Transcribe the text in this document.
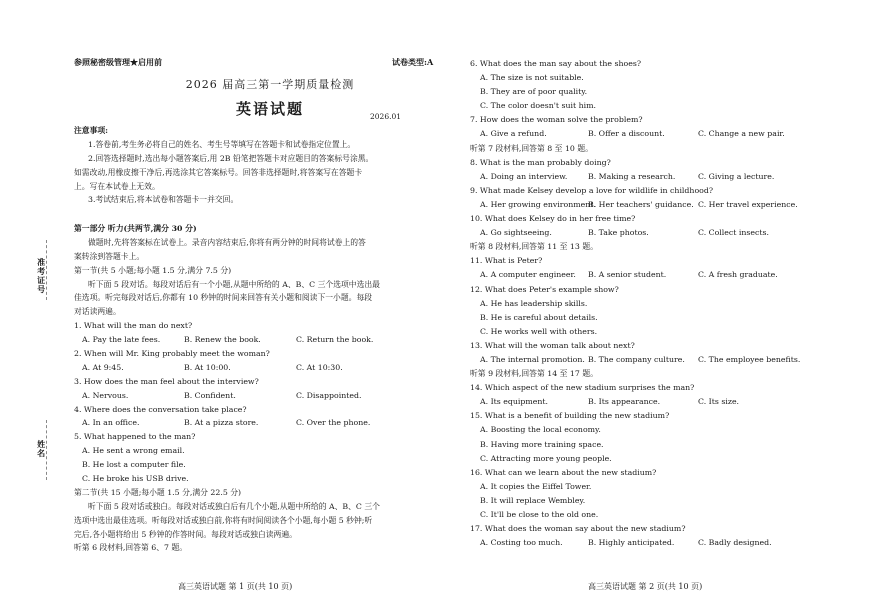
参照秘密级管理★启用前	试卷类型:A
2026 届高三第一学期质量检测
英语试题	2026.01
准考证号
姓名
注意事项:
1.答卷前,考生务必将自己的姓名、考生号等填写在答题卡和试卷指定位置上。
2.回答选择题时,选出每小题答案后,用 2B 铅笔把答题卡对应题目的答案标号涂黑。
如需改动,用橡皮擦干净后,再选涂其它答案标号。回答非选择题时,将答案写在答题卡
上。写在本试卷上无效。
3.考试结束后,将本试卷和答题卡一并交回。
第一部分 听力(共两节,满分 30 分)
做题时,先将答案标在试卷上。录音内容结束后,你将有两分钟的时间将试卷上的答
案转涂到答题卡上。
第一节(共 5 小题;每小题 1.5 分,满分 7.5 分)
听下面 5 段对话。每段对话后有一个小题,从题中所给的 A、B、C 三个选项中选出最
佳选项。听完每段对话后,你都有 10 秒钟的时间来回答有关小题和阅读下一小题。每段
对话读两遍。
1. What will the man do next?
A. Pay the late fees.	B. Renew the book.	C. Return the book.
2. When will Mr. King probably meet the woman?
A. At 9:45.	B. At 10:00.	C. At 10:30.
3. How does the man feel about the interview?
A. Nervous.	B. Confident.	C. Disappointed.
4. Where does the conversation take place?
A. In an office.	B. At a pizza store.	C. Over the phone.
5. What happened to the man?
A. He sent a wrong email.
B. He lost a computer file.
C. He broke his USB drive.
第二节(共 15 小题;每小题 1.5 分,满分 22.5 分)
听下面 5 段对话或独白。每段对话或独白后有几个小题,从题中所给的 A、B、C 三个
选项中选出最佳选项。听每段对话或独白前,你将有时间阅读各个小题,每小题 5 秒钟;听
完后,各小题将给出 5 秒钟的作答时间。每段对话或独白读两遍。
听第 6 段材料,回答第 6、7 题。
高三英语试题 第 1 页(共 10 页)
6. What does the man say about the shoes?
A. The size is not suitable.
B. They are of poor quality.
C. The color doesn't suit him.
7. How does the woman solve the problem?
A. Give a refund.	B. Offer a discount.	C. Change a new pair.
听第 7 段材料,回答第 8 至 10 题。
8. What is the man probably doing?
A. Doing an interview.	B. Making a research.	C. Giving a lecture.
9. What made Kelsey develop a love for wildlife in childhood?
A. Her growing environment.
B. Her teachers' guidance. C. Her travel experience.
10. What does Kelsey do in her free time?
A. Go sightseeing.	B. Take photos.	C. Collect insects.
听第 8 段材料,回答第 11 至 13 题。
11. What is Peter?
A. A computer engineer.	B. A senior student.	C. A fresh graduate.
12. What does Peter's example show?
A. He has leadership skills.
B. He is careful about details.
C. He works well with others.
13. What will the woman talk about next?
A. The internal promotion. B. The company culture.	C. The employee benefits.
听第 9 段材料,回答第 14 至 17 题。
14. Which aspect of the new stadium surprises the man?
A. Its equipment.	B. Its appearance.	C. Its size.
15. What is a benefit of building the new stadium?
A. Boosting the local economy.
B. Having more training space.
C. Attracting more young people.
16. What can we learn about the new stadium?
A. It copies the Eiffel Tower.
B. It will replace Wembley.
C. It'll be close to the old one.
17. What does the woman say about the new stadium?
A. Costing too much.	B. Highly anticipated.	C. Badly designed.
高三英语试题 第 2 页(共 10 页)
